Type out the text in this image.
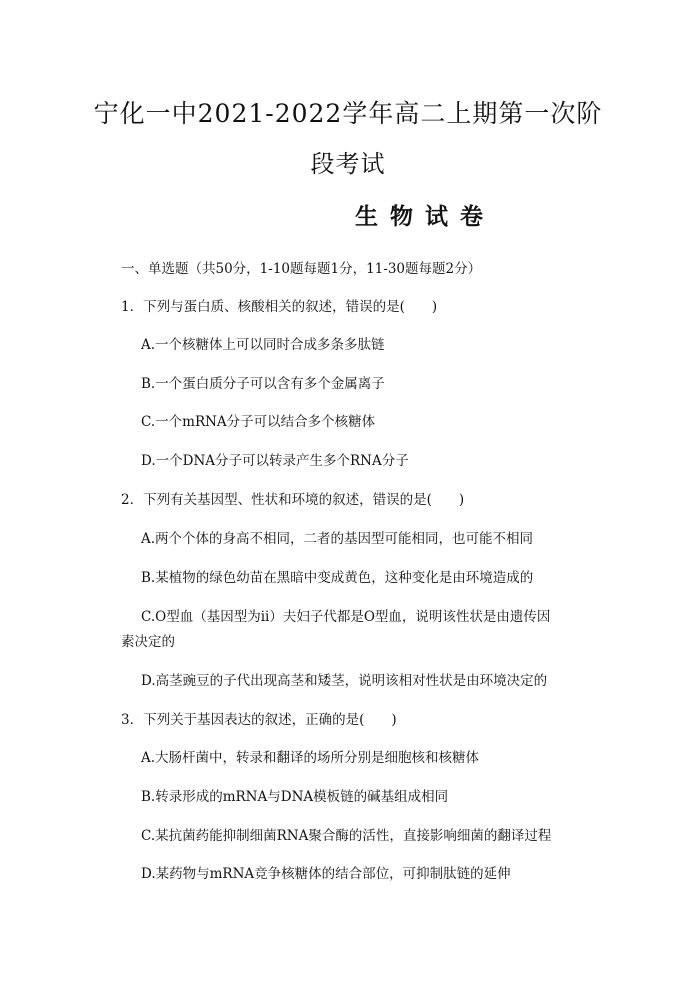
宁化一中2021-2022学年高二上期第一次阶
段考试
生物试卷
一、单选题（共50分，1-10题每题1分，11-30题每题2分）
1．下列与蛋白质、核酸相关的叙述，错误的是(　　)
A.一个核糖体上可以同时合成多条多肽链
B.一个蛋白质分子可以含有多个金属离子
C.一个mRNA分子可以结合多个核糖体
D.一个DNA分子可以转录产生多个RNA分子
2．下列有关基因型、性状和环境的叙述，错误的是(　　)
A.两个个体的身高不相同，二者的基因型可能相同，也可能不相同
B.某植物的绿色幼苗在黑暗中变成黄色，这种变化是由环境造成的
C.O型血（基因型为ii）夫妇子代都是O型血，说明该性状是由遗传因
素决定的
D.高茎豌豆的子代出现高茎和矮茎，说明该相对性状是由环境决定的
3．下列关于基因表达的叙述，正确的是(　　)
A.大肠杆菌中，转录和翻译的场所分别是细胞核和核糖体
B.转录形成的mRNA与DNA模板链的碱基组成相同
C.某抗菌药能抑制细菌RNA聚合酶的活性，直接影响细菌的翻译过程
D.某药物与mRNA竞争核糖体的结合部位，可抑制肽链的延伸
